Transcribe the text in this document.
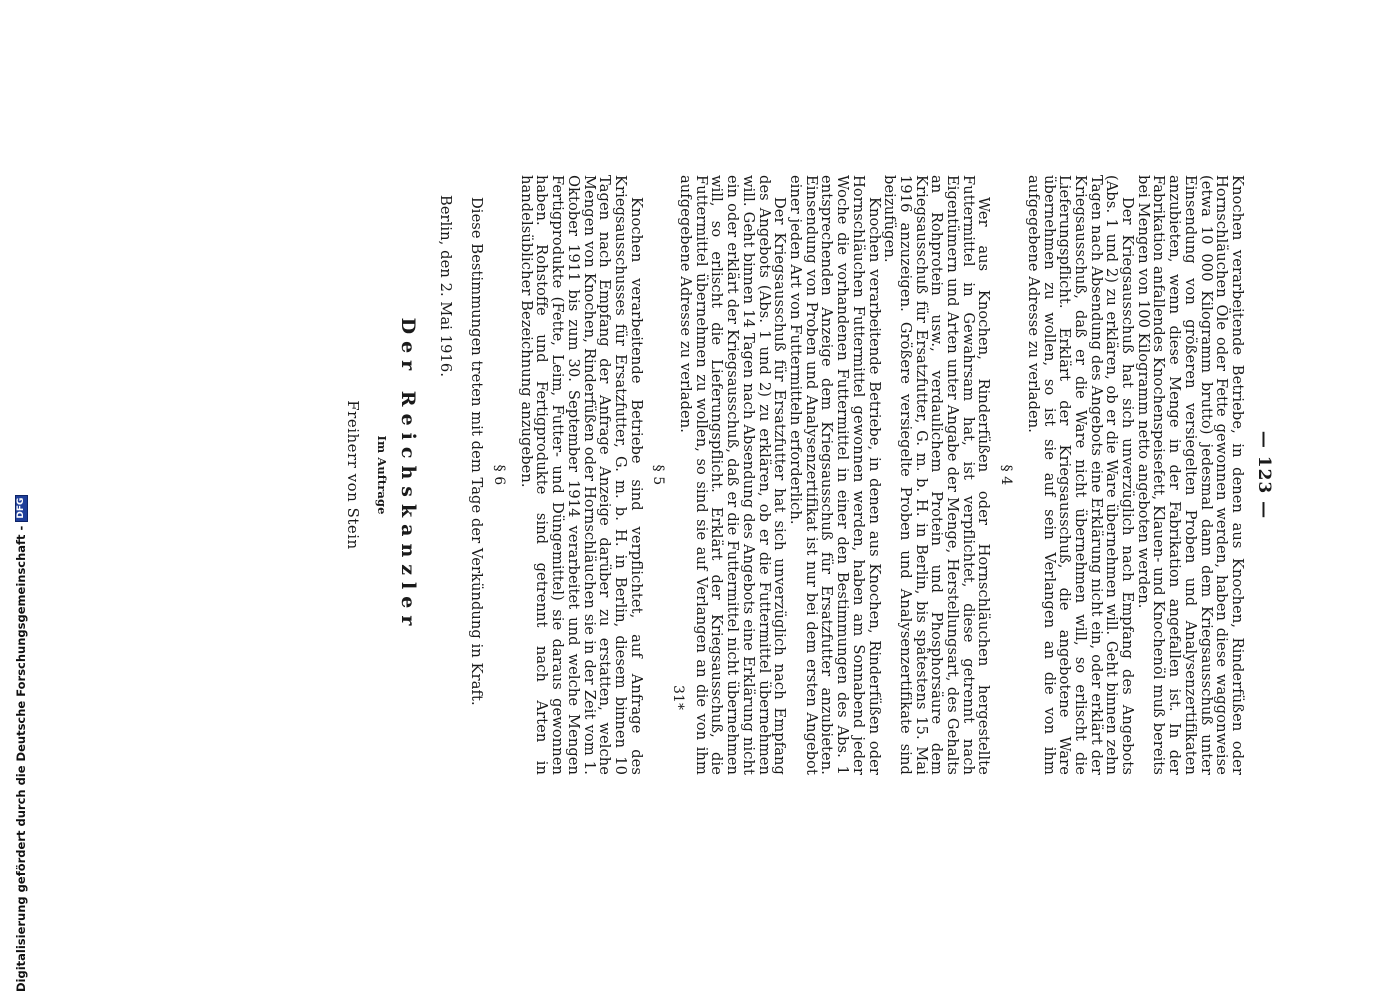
— 123 —

Knochen verarbeitende Betriebe, in denen aus Knochen, Rinderfüßen oder Hornschläuchen Öle oder Fette gewonnen werden, haben diese waggonweise (etwa 10 000 Kilogramm brutto) jedesmal dann dem Kriegsausschuß unter Einsendung von größeren versiegelten Proben und Analysenzertifikaten anzubieten, wenn diese Menge in der Fabrikation angefallen ist. In der Fabrikation anfallendes Knochenspeisefett, Klauen- und Knochenöl muß bereits bei Mengen von 100 Kilogramm netto angeboten werden.

Der Kriegsausschuß hat sich unverzüglich nach Empfang des Angebots (Abs. 1 und 2) zu erklären, ob er die Ware übernehmen will. Geht binnen zehn Tagen nach Absendung des Angebots eine Erklärung nicht ein, oder erklärt der Kriegsausschuß, daß er die Ware nicht übernehmen will, so erlischt die Lieferungspflicht. Erklärt der Kriegsausschuß, die angebotene Ware übernehmen zu wollen, so ist sie auf sein Verlangen an die von ihm aufgegebene Adresse zu verladen.

§ 4

Wer aus Knochen, Rinderfüßen oder Hornschläuchen hergestellte Futtermittel in Gewahrsam hat, ist verpflichtet, diese getrennt nach Eigentümern und Arten unter Angabe der Menge, Herstellungsart, des Gehalts an Rohprotein usw., verdaulichem Protein und Phosphorsäure dem Kriegsausschuß für Ersatzfutter, G. m. b. H. in Berlin, bis spätestens 15. Mai 1916 anzuzeigen. Größere versiegelte Proben und Analysenzertifikate sind beizufügen.

Knochen verarbeitende Betriebe, in denen aus Knochen, Rinderfüßen oder Hornschläuchen Futtermittel gewonnen werden, haben am Sonnabend jeder Woche die vorhandenen Futtermittel in einer den Bestimmungen des Abs. 1 entsprechenden Anzeige dem Kriegsausschuß für Ersatzfutter anzubieten. Einsendung von Proben und Analysenzertifikat ist nur bei dem ersten Angebot einer jeden Art von Futtermitteln erforderlich.

Der Kriegsausschuß für Ersatzfutter hat sich unverzüglich nach Empfang des Angebots (Abs. 1 und 2) zu erklären, ob er die Futtermittel übernehmen will. Geht binnen 14 Tagen nach Absendung des Angebots eine Erklärung nicht ein oder erklärt der Kriegsausschuß, daß er die Futtermittel nicht übernehmen will, so erlischt die Lieferungspflicht. Erklärt der Kriegsausschuß, die Futtermittel übernehmen zu wollen, so sind sie auf Verlangen an die von ihm aufgegebene Adresse zu verladen.

§ 5

Knochen verarbeitende Betriebe sind verpflichtet, auf Anfrage des Kriegsausschusses für Ersatzfutter, G. m. b. H. in Berlin, diesem binnen 10 Tagen nach Empfang der Anfrage Anzeige darüber zu erstatten, welche Mengen von Knochen, Rinderfüßen oder Hornschläuchen sie in der Zeit vom 1. Oktober 1911 bis zum 30. September 1914 verarbeitet und welche Mengen Fertigprodukte (Fette, Leim, Futter- und Düngemittel) sie daraus gewonnen haben. Rohstoffe und Fertigprodukte sind getrennt nach Arten in handelsüblicher Bezeichnung anzugeben.

§ 6

Diese Bestimmungen treten mit dem Tage der Verkündung in Kraft.

Berlin, den 2. Mai 1916.

Der Reichskanzler
Im Auftrage
Freiherr von Stein
31*
Digitalisierung gefördert durch die Deutsche Forschungsgemeinschaft -
DFG
